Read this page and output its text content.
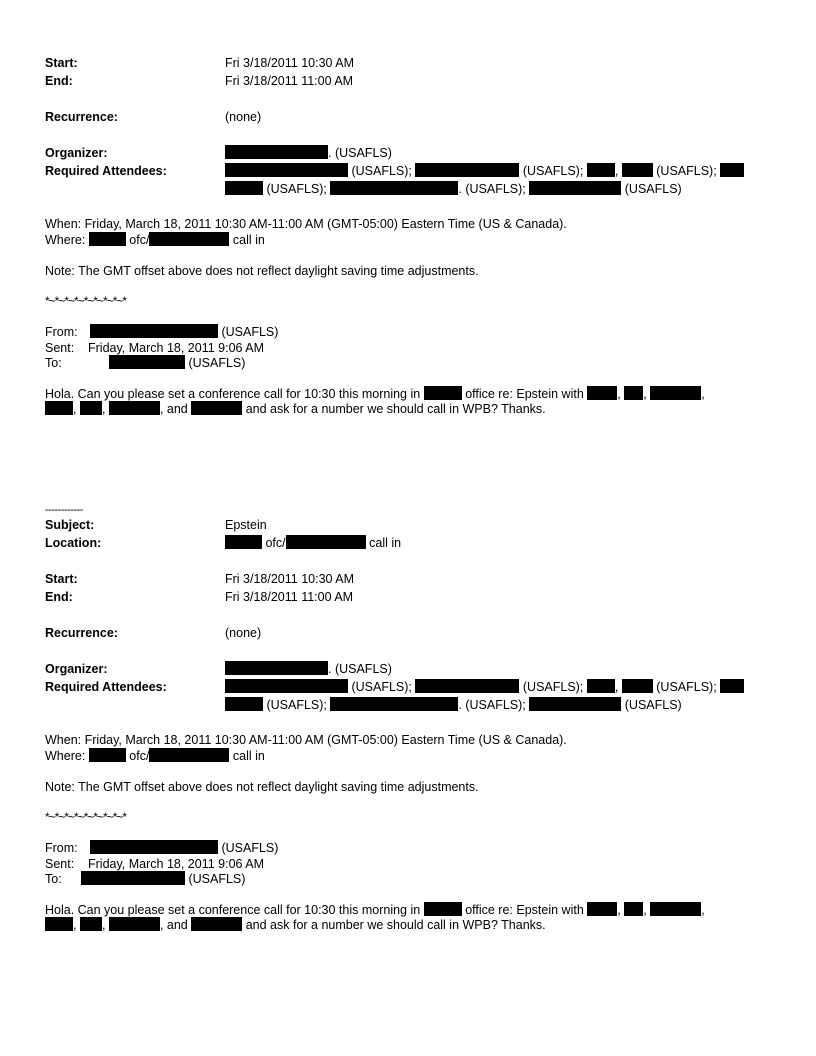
Start:	Fri 3/18/2011 10:30 AM
End:	Fri 3/18/2011 11:00 AM
Recurrence:	(none)
Organizer:	. (USAFLS)
Required Attendees:	(USAFLS);	(USAFLS);	,	(USAFLS);
(USAFLS);	. (USAFLS);	(USAFLS)
When: Friday, March 18, 2011 10:30 AM-11:00 AM (GMT-05:00) Eastern Time (US & Canada).
Where:	ofc/	call in
Note: The GMT offset above does not reflect daylight saving time adjustments.
*~*~*~*~*~*~*~*~*
From:	(USAFLS)
Sent: Friday, March 18, 2011 9:06 AM
To:	(USAFLS)
Hola. Can you please set a conference call for 10:30 this morning in	office re: Epstein with	, ,	,
, ,	, and	and ask for a number we should call in WPB? Thanks.
------------
Subject:	Epstein
Location:	ofc/	call in
Start:	Fri 3/18/2011 10:30 AM
End:	Fri 3/18/2011 11:00 AM
Recurrence:	(none)
Organizer:	. (USAFLS)
Required Attendees:	(USAFLS);	(USAFLS);	,	(USAFLS);
(USAFLS);	. (USAFLS);	(USAFLS)
When: Friday, March 18, 2011 10:30 AM-11:00 AM (GMT-05:00) Eastern Time (US & Canada).
Where:	ofc/	call in
Note: The GMT offset above does not reflect daylight saving time adjustments.
*~*~*~*~*~*~*~*~*
From:	(USAFLS)
Sent: Friday, March 18, 2011 9:06 AM
To:	(USAFLS)
Hola. Can you please set a conference call for 10:30 this morning in	office re: Epstein with	, ,	,
, ,	, and	and ask for a number we should call in WPB? Thanks.
